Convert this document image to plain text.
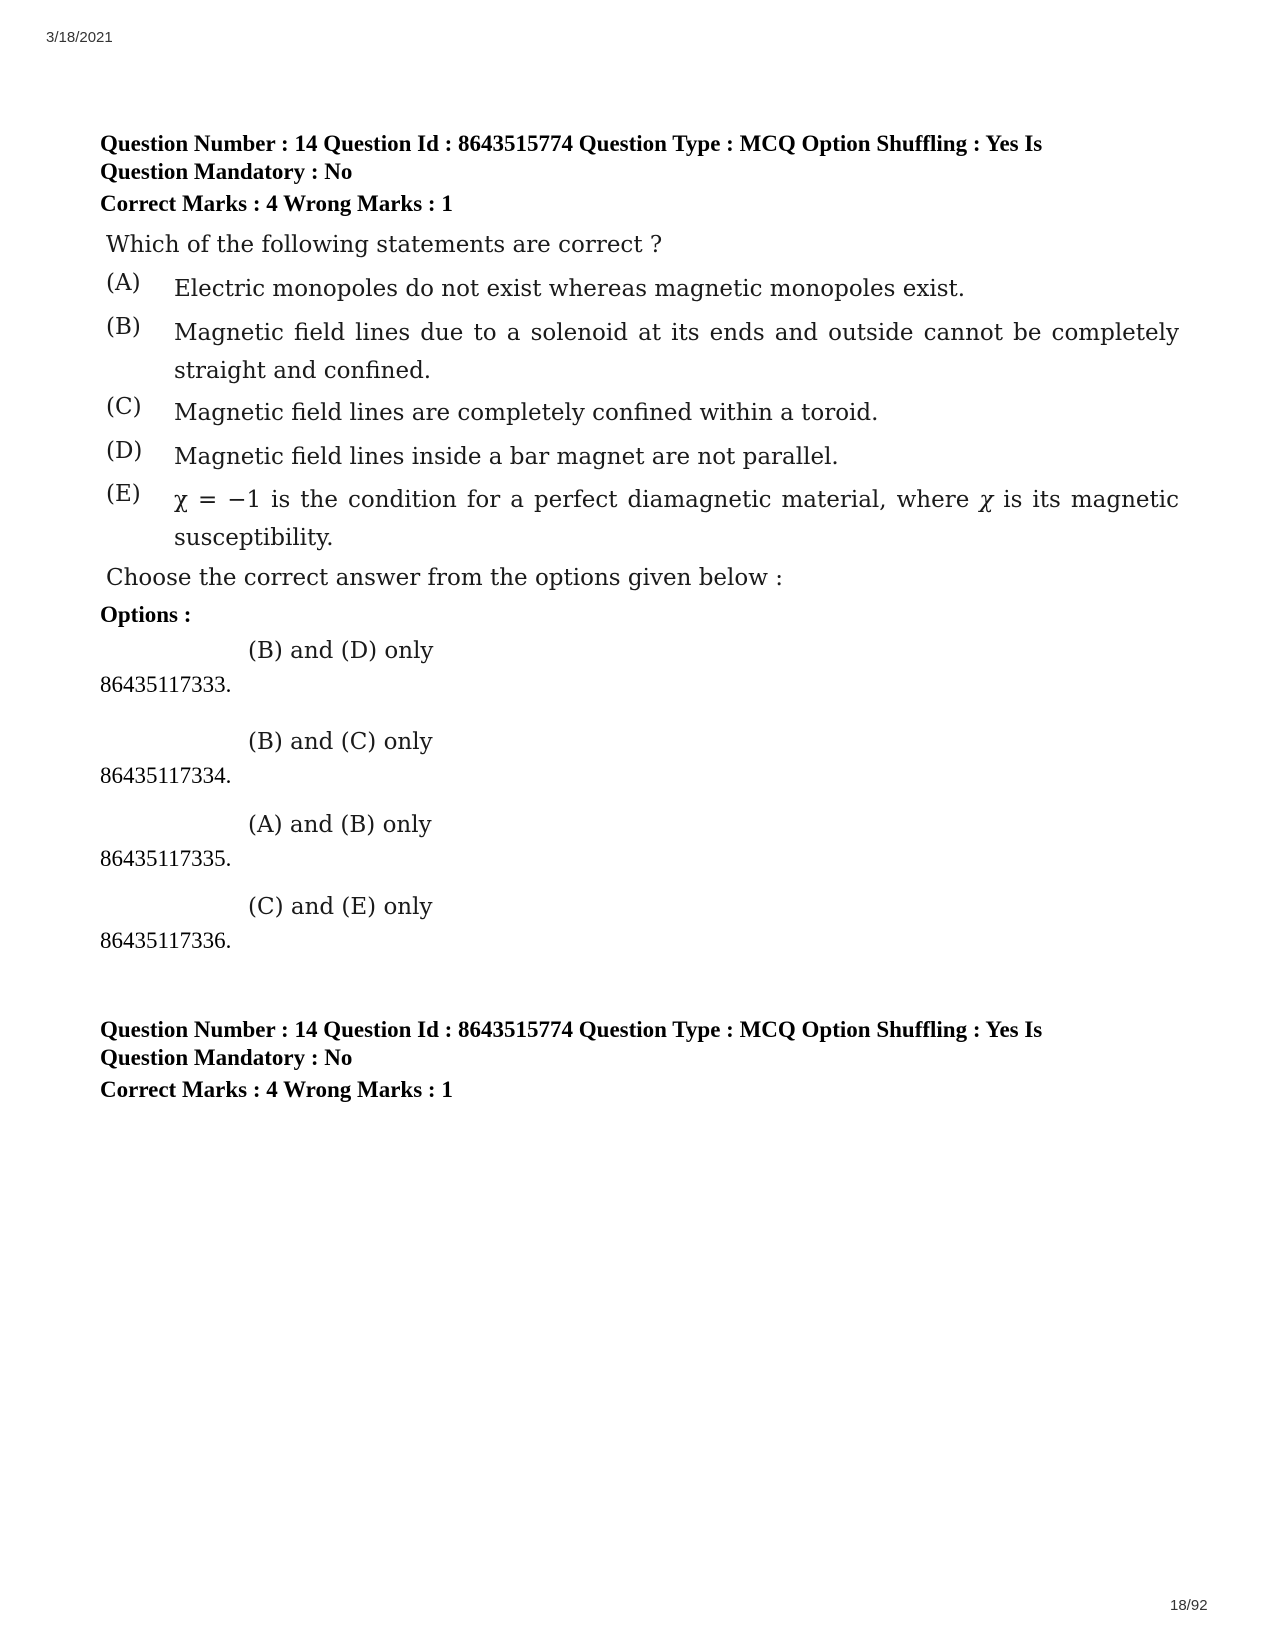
3/18/2021
Question Number : 14 Question Id : 8643515774 Question Type : MCQ Option Shuffling : Yes Is
Question Mandatory : No
Correct Marks : 4 Wrong Marks : 1
Which of the following statements are correct ?
(A)	Electric monopoles do not exist whereas magnetic monopoles exist.
(B)	Magnetic field lines due to a solenoid at its ends and outside cannot be completely straight and confined.
(C)	Magnetic field lines are completely confined within a toroid.
(D)	Magnetic field lines inside a bar magnet are not parallel.
(E)	χ = −1 is the condition for a perfect diamagnetic material, where χ is its magnetic susceptibility.
Choose the correct answer from the options given below :
Options :
86435117333.
(B) and (D) only
86435117334.
(B) and (C) only
86435117335.
(A) and (B) only
86435117336.
(C) and (E) only
Question Number : 14 Question Id : 8643515774 Question Type : MCQ Option Shuffling : Yes Is
Question Mandatory : No
Correct Marks : 4 Wrong Marks : 1
18/92
